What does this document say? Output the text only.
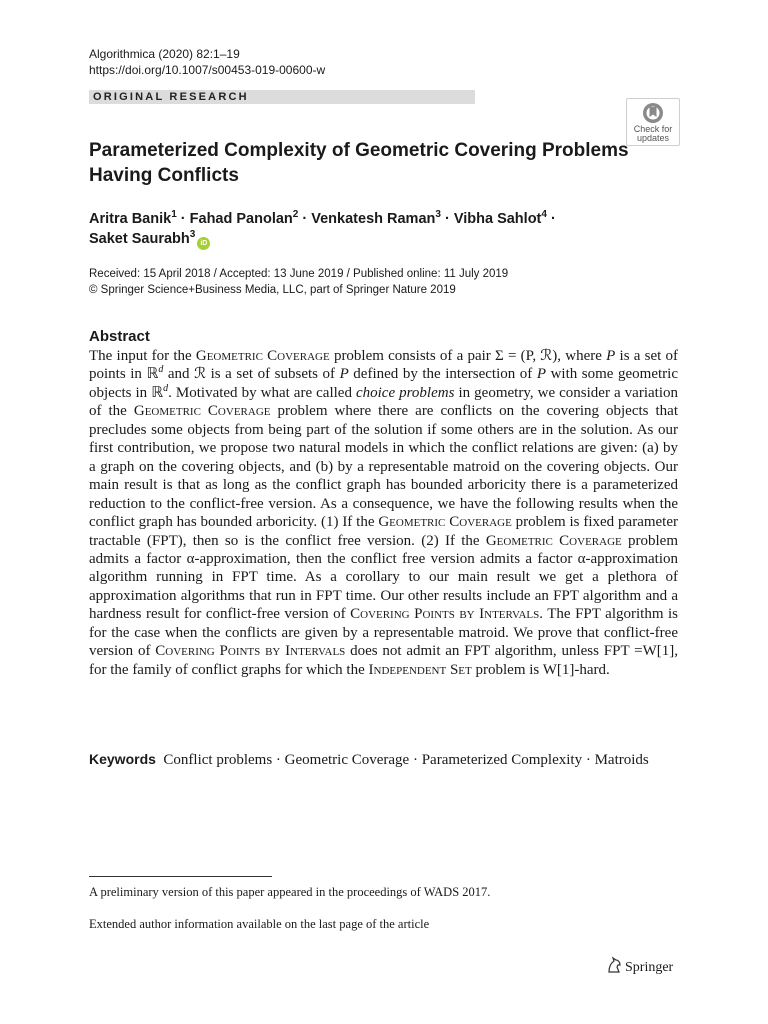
Algorithmica (2020) 82:1–19
https://doi.org/10.1007/s00453-019-00600-w
ORIGINAL RESEARCH
Check for
updates
Parameterized Complexity of Geometric Covering Problems Having Conflicts
Aritra Banik$^1$ · Fahad Panolan$^2$ · Venkatesh Raman$^3$ · Vibha Sahlot$^4$ ·
Saket Saurabh$^3$iD
Received: 15 April 2018 / Accepted: 13 June 2019 / Published online: 11 July 2019
© Springer Science+Business Media, LLC, part of Springer Nature 2019
Abstract
The input for the Geometric Coverage problem consists of a pair Σ = (P, ℛ), where P is a set of points in ℝ$^d$ and ℛ is a set of subsets of P defined by the intersection of P with some geometric objects in ℝ$^d$. Motivated by what are called choice problems in geometry, we consider a variation of the Geometric Coverage problem where there are conflicts on the covering objects that precludes some objects from being part of the solution if some others are in the solution. As our first contribution, we propose two natural models in which the conflict relations are given: (a) by a graph on the covering objects, and (b) by a representable matroid on the covering objects. Our main result is that as long as the conflict graph has bounded arboricity there is a parameterized reduction to the conflict-free version. As a consequence, we have the following results when the conflict graph has bounded arboricity. (1) If the Geometric Coverage problem is fixed parameter tractable (FPT), then so is the conflict free version. (2) If the Geometric Coverage problem admits a factor α-approximation, then the conflict free version admits a factor α-approximation algorithm running in FPT time. As a corollary to our main result we get a plethora of approximation algorithms that run in FPT time. Our other results include an FPT algorithm and a hardness result for conflict-free version of Covering Points by Intervals. The FPT algorithm is for the case when the conflicts are given by a representable matroid. We prove that conflict-free version of Covering Points by Intervals does not admit an FPT algorithm, unless FPT =W[1], for the family of conflict graphs for which the Independent Set problem is W[1]-hard.
Keywords Conflict problems · Geometric Coverage · Parameterized Complexity · Matroids
A preliminary version of this paper appeared in the proceedings of WADS 2017.
Extended author information available on the last page of the article
Springer
